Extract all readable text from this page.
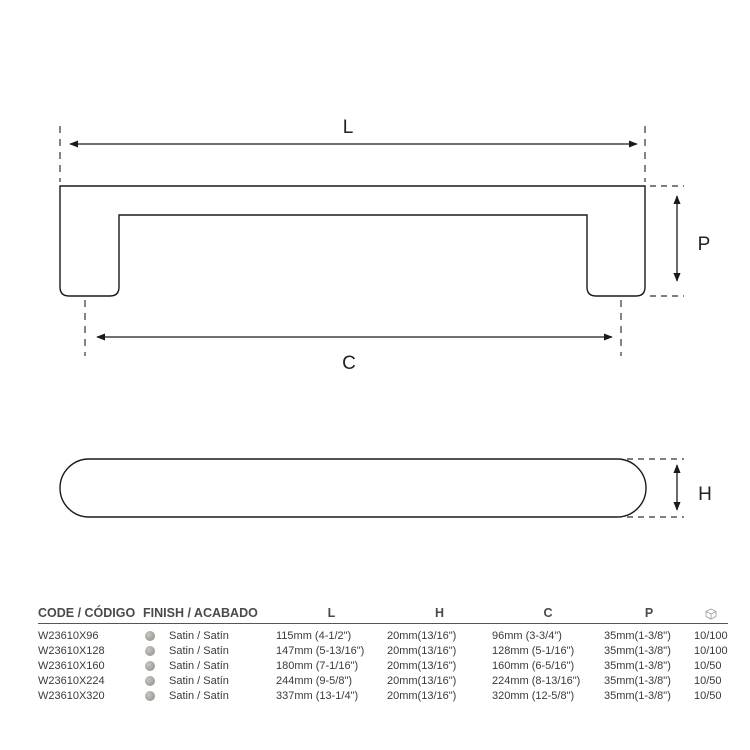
L
P
C
H
CODE / CÓDIGO	FINISH / ACABADO	L	H	C	P	
W23610X96	Satin / Satín	115mm (4-1/2")	20mm(13/16")	96mm (3-3/4")	35mm(1-3/8")	10/100
W23610X128	Satin / Satín	147mm (5-13/16")	20mm(13/16")	128mm (5-1/16")	35mm(1-3/8")	10/100
W23610X160	Satin / Satín	180mm (7-1/16")	20mm(13/16")	160mm (6-5/16")	35mm(1-3/8")	10/50
W23610X224	Satin / Satín	244mm (9-5/8")	20mm(13/16")	224mm (8-13/16")	35mm(1-3/8")	10/50
W23610X320	Satin / Satín	337mm (13-1/4")	20mm(13/16")	320mm (12-5/8")	35mm(1-3/8")	10/50
